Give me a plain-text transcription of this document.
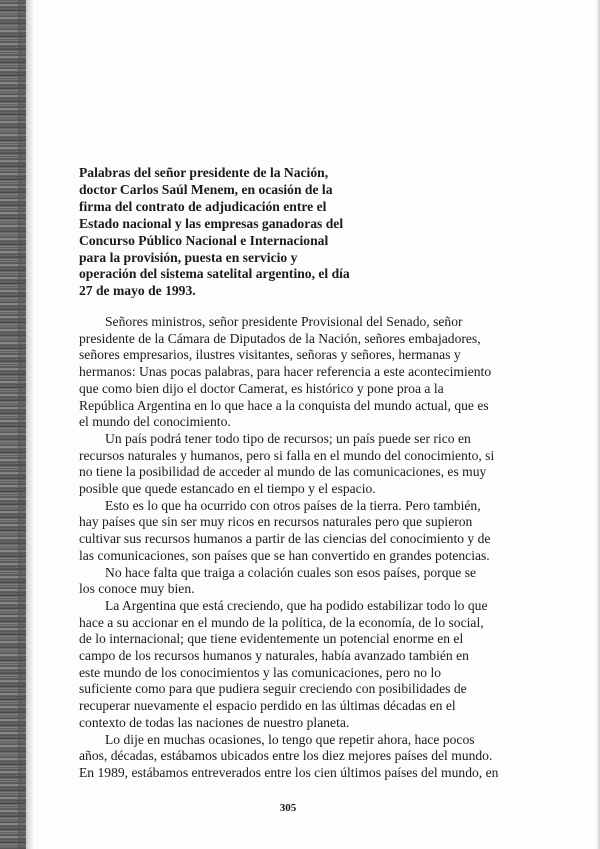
Palabras del señor presidente de la Nación,
doctor Carlos Saúl Menem, en ocasión de la
firma del contrato de adjudicación entre el
Estado nacional y las empresas ganadoras del
Concurso Público Nacional e Internacional
para la provisión, puesta en servicio y
operación del sistema satelital argentino, el día
27 de mayo de 1993.
Señores ministros, señor presidente Provisional del Senado, señor
presidente de la Cámara de Diputados de la Nación, señores embajadores,
señores empresarios, ilustres visitantes, señoras y señores, hermanas y
hermanos: Unas pocas palabras, para hacer referencia a este acontecimiento
que como bien dijo el doctor Camerat, es histórico y pone proa a la
República Argentina en lo que hace a la conquista del mundo actual, que es
el mundo del conocimiento.
Un país podrá tener todo tipo de recursos; un país puede ser rico en
recursos naturales y humanos, pero si falla en el mundo del conocimiento, si
no tiene la posibilidad de acceder al mundo de las comunicaciones, es muy
posible que quede estancado en el tiempo y el espacio.
Esto es lo que ha ocurrido con otros países de la tierra. Pero también,
hay países que sin ser muy ricos en recursos naturales pero que supieron
cultivar sus recursos humanos a partir de las ciencias del conocimiento y de
las comunicaciones, son países que se han convertido en grandes potencias.
No hace falta que traiga a colación cuales son esos países, porque se
los conoce muy bien.
La Argentina que está creciendo, que ha podido estabilizar todo lo que
hace a su accionar en el mundo de la política, de la economía, de lo social,
de lo internacional; que tiene evidentemente un potencial enorme en el
campo de los recursos humanos y naturales, había avanzado también en
este mundo de los conocimientos y las comunicaciones, pero no lo
suficiente como para que pudiera seguir creciendo con posibilidades de
recuperar nuevamente el espacio perdido en las últimas décadas en el
contexto de todas las naciones de nuestro planeta.
Lo dije en muchas ocasiones, lo tengo que repetir ahora, hace pocos
años, décadas, estábamos ubicados entre los diez mejores países del mundo.
En 1989, estábamos entreverados entre los cien últimos países del mundo, en
305
